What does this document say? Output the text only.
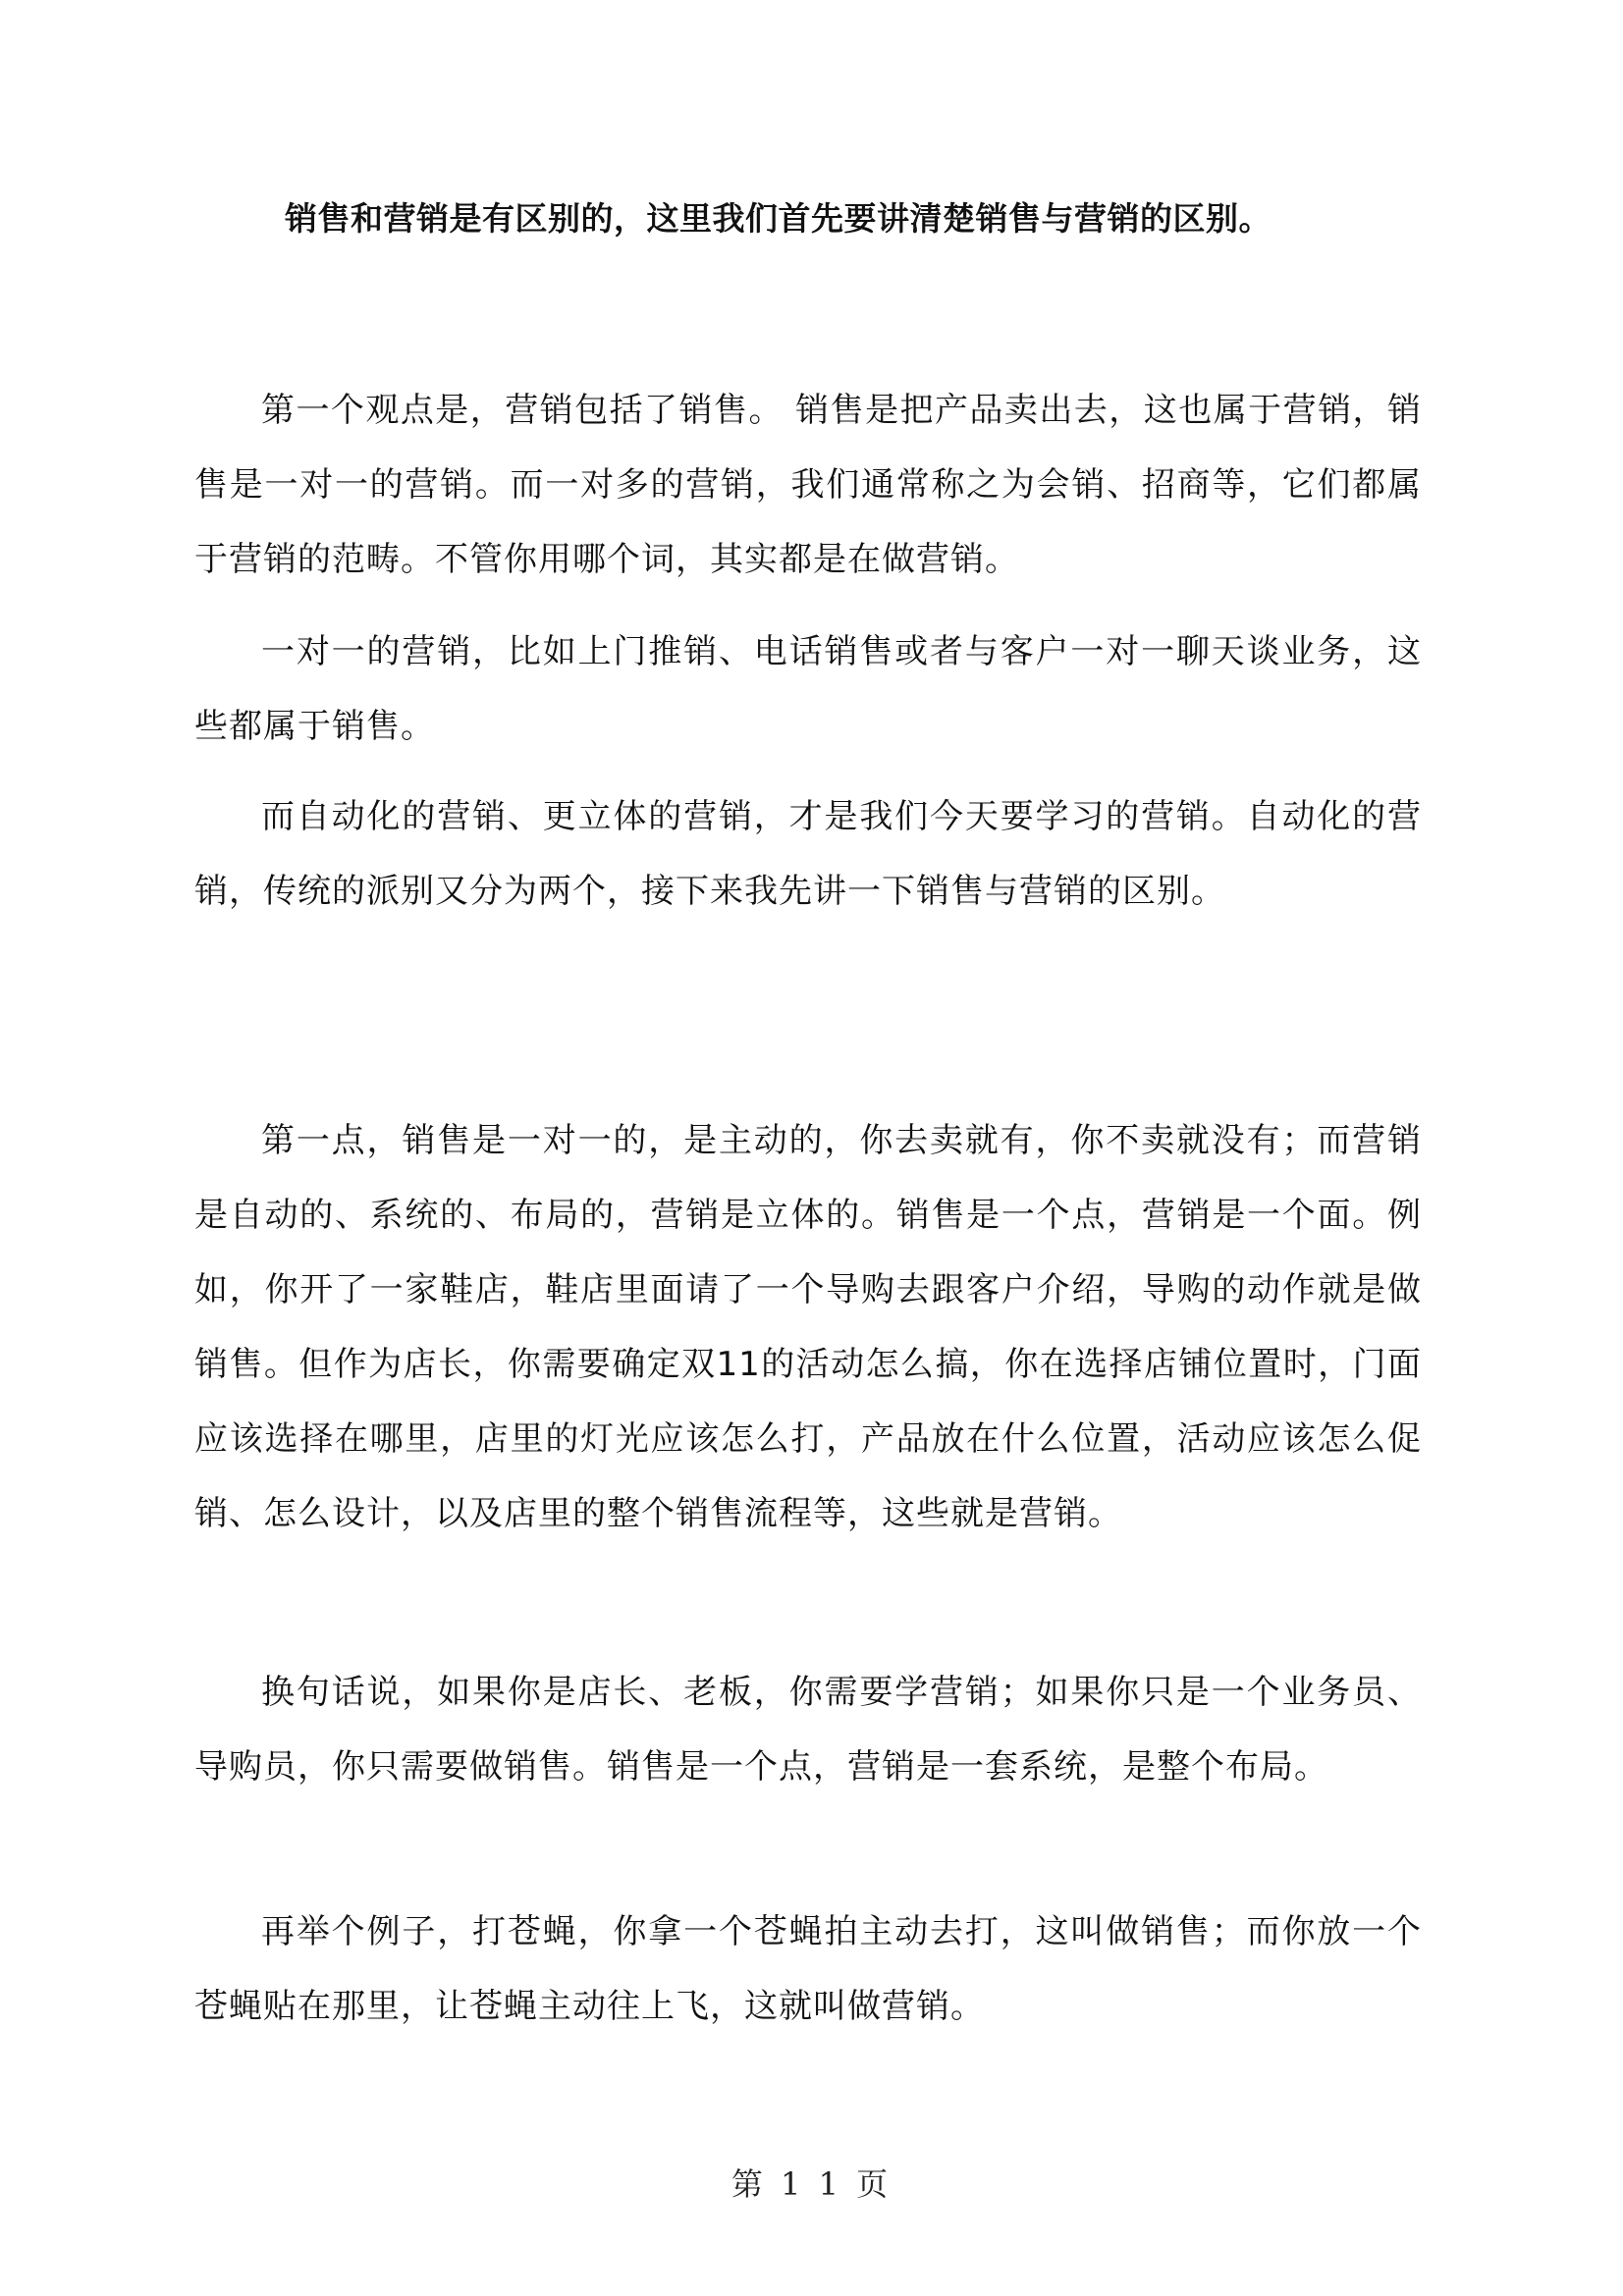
销售和营销是有区别的，这里我们首先要讲清楚销售与营销的区别。

第一个观点是，营销包括了销售。 销售是把产品卖出去，这也属于营销，销售是一对一的营销。而一对多的营销，我们通常称之为会销、招商等，它们都属于营销的范畴。不管你用哪个词，其实都是在做营销。

一对一的营销，比如上门推销、电话销售或者与客户一对一聊天谈业务，这些都属于销售。

而自动化的营销、更立体的营销，才是我们今天要学习的营销。自动化的营销，传统的派别又分为两个，接下来我先讲一下销售与营销的区别。

第一点，销售是一对一的，是主动的，你去卖就有，你不卖就没有；而营销是自动的、系统的、布局的，营销是立体的。销售是一个点，营销是一个面。例如，你开了一家鞋店，鞋店里面请了一个导购去跟客户介绍，导购的动作就是做销售。但作为店长，你需要确定双11的活动怎么搞，你在选择店铺位置时，门面应该选择在哪里，店里的灯光应该怎么打，产品放在什么位置，活动应该怎么促销、怎么设计，以及店里的整个销售流程等，这些就是营销。

换句话说，如果你是店长、老板，你需要学营销；如果你只是一个业务员、导购员，你只需要做销售。销售是一个点，营销是一套系统，是整个布局。

再举个例子，打苍蝇，你拿一个苍蝇拍主动去打，这叫做销售；而你放一个苍蝇贴在那里，让苍蝇主动往上飞，这就叫做营销。

第 1 1 页
